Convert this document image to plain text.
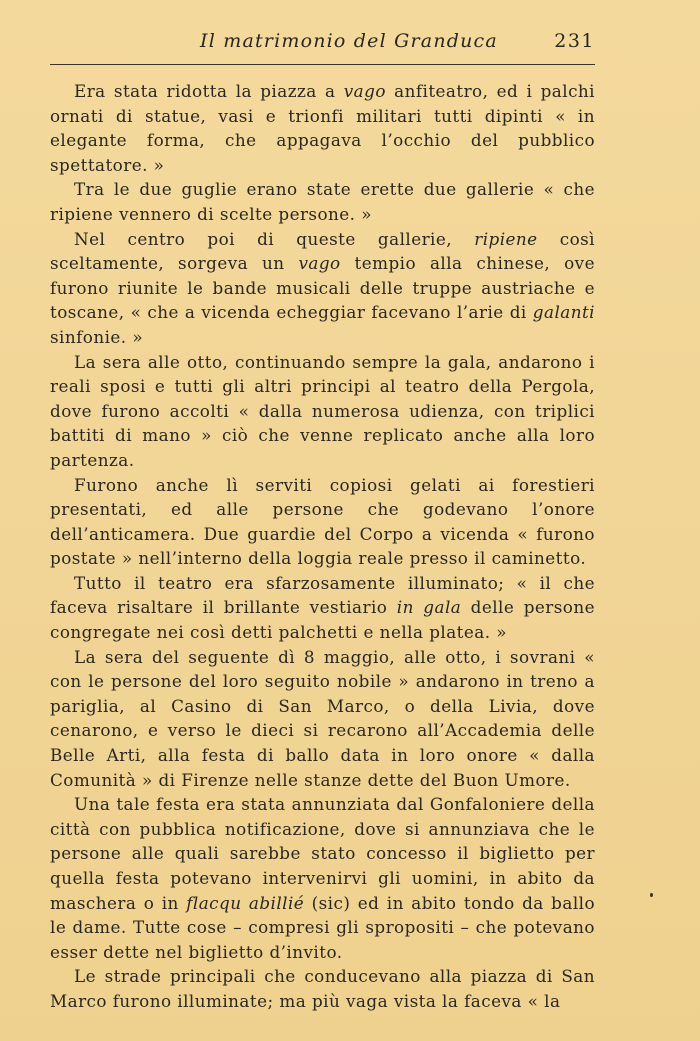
Il matrimonio del Granduca	231

Era stata ridotta la piazza a vago anfiteatro, ed i palchi ornati di statue, vasi e trionfi militari tutti dipinti « in elegante forma, che appagava l’occhio del pubblico spettatore. »

Tra le due guglie erano state erette due gallerie « che ripiene vennero di scelte persone. »

Nel centro poi di queste gallerie, ripiene così sceltamente, sorgeva un vago tempio alla chinese, ove furono riunite le bande musicali delle truppe austriache e toscane, « che a vicenda echeggiar facevano l’arie di galanti sinfonie. »

La sera alle otto, continuando sempre la gala, andarono i reali sposi e tutti gli altri principi al teatro della Pergola, dove furono accolti « dalla numerosa udienza, con triplici battiti di mano » ciò che venne replicato anche alla loro partenza.

Furono anche lì serviti copiosi gelati ai forestieri presentati, ed alle persone che godevano l’onore dell’anticamera. Due guardie del Corpo a vicenda « furono postate » nell’interno della loggia reale presso il caminetto.

Tutto il teatro era sfarzosamente illuminato; « il che faceva risaltare il brillante vestiario in gala delle persone congregate nei così detti palchetti e nella platea. »

La sera del seguente dì 8 maggio, alle otto, i sovrani « con le persone del loro seguito nobile » andarono in treno a pariglia, al Casino di San Marco, o della Livia, dove cenarono, e verso le dieci si recarono all’Accademia delle Belle Arti, alla festa di ballo data in loro onore « dalla Comunità » di Firenze nelle stanze dette del Buon Umore.

Una tale festa era stata annunziata dal Gonfaloniere della città con pubblica notificazione, dove si annunziava che le persone alle quali sarebbe stato concesso il biglietto per quella festa potevano intervenirvi gli uomini, in abito da maschera o in flacqu abillié (sic) ed in abito tondo da ballo le dame. Tutte cose – compresi gli spropositi – che potevano esser dette nel biglietto d’invito.

Le strade principali che conducevano alla piazza di San Marco furono illuminate; ma più vaga vista la faceva « la
